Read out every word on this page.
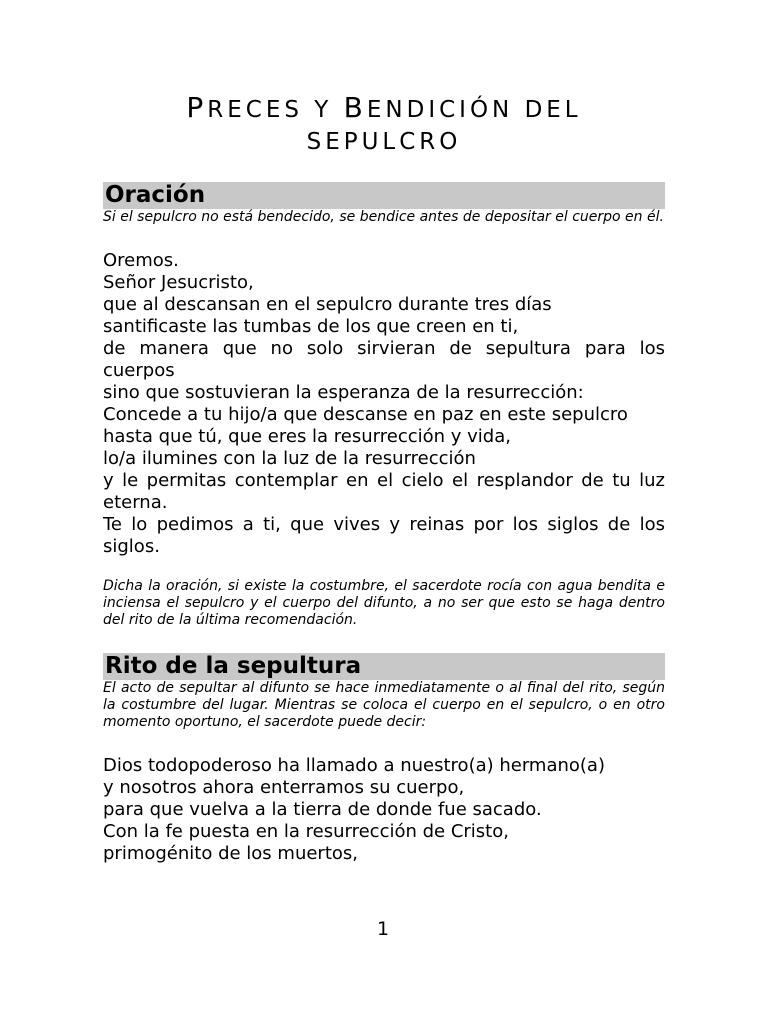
PRECES Y BENDICIÓN DEL
SEPULCRO
Oración

Si el sepulcro no está bendecido, se bendice antes de depositar el cuerpo en él.

Oremos.

Señor Jesucristo,

que al descansan en el sepulcro durante tres días

santificaste las tumbas de los que creen en ti,

de manera que no solo sirvieran de sepultura para los cuerpos

sino que sostuvieran la esperanza de la resurrección:

Concede a tu hijo/a que descanse en paz en este sepulcro

hasta que tú, que eres la resurrección y vida,

lo/a ilumines con la luz de la resurrección

y le permitas contemplar en el cielo el resplandor de tu luz eterna.

Te lo pedimos a ti, que vives y reinas por los siglos de los siglos.

Dicha la oración, si existe la costumbre, el sacerdote rocía con agua bendita e inciensa el sepulcro y el cuerpo del difunto, a no ser que esto se haga dentro del rito de la última recomendación.

Rito de la sepultura

El acto de sepultar al difunto se hace inmediatamente o al final del rito, según la costumbre del lugar. Mientras se coloca el cuerpo en el sepulcro, o en otro momento oportuno, el sacerdote puede decir:

Dios todopoderoso ha llamado a nuestro(a) hermano(a)

y nosotros ahora enterramos su cuerpo,

para que vuelva a la tierra de donde fue sacado.

Con la fe puesta en la resurrección de Cristo,

primogénito de los muertos,

1
